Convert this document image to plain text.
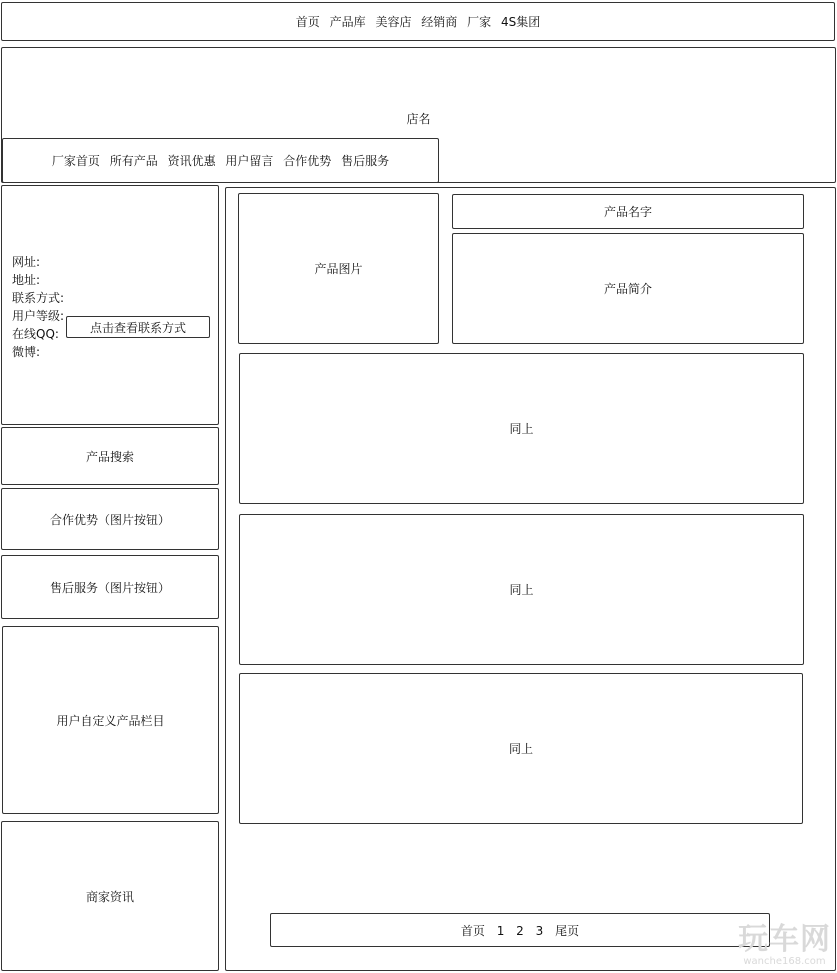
首页 产品库 美容店 经销商 厂家 4S集团
店名
厂家首页 所有产品 资讯优惠 用户留言 合作优势 售后服务
网址:
地址:
联系方式:
用户等级:
在线QQ:
微博:
点击查看联系方式
产品搜索
合作优势（图片按钮）
售后服务（图片按钮）
用户自定义产品栏目
商家资讯
产品图片
产品名字
产品简介
同上
同上
同上
首页 1 2 3 尾页	玩车网
wanche168.com
